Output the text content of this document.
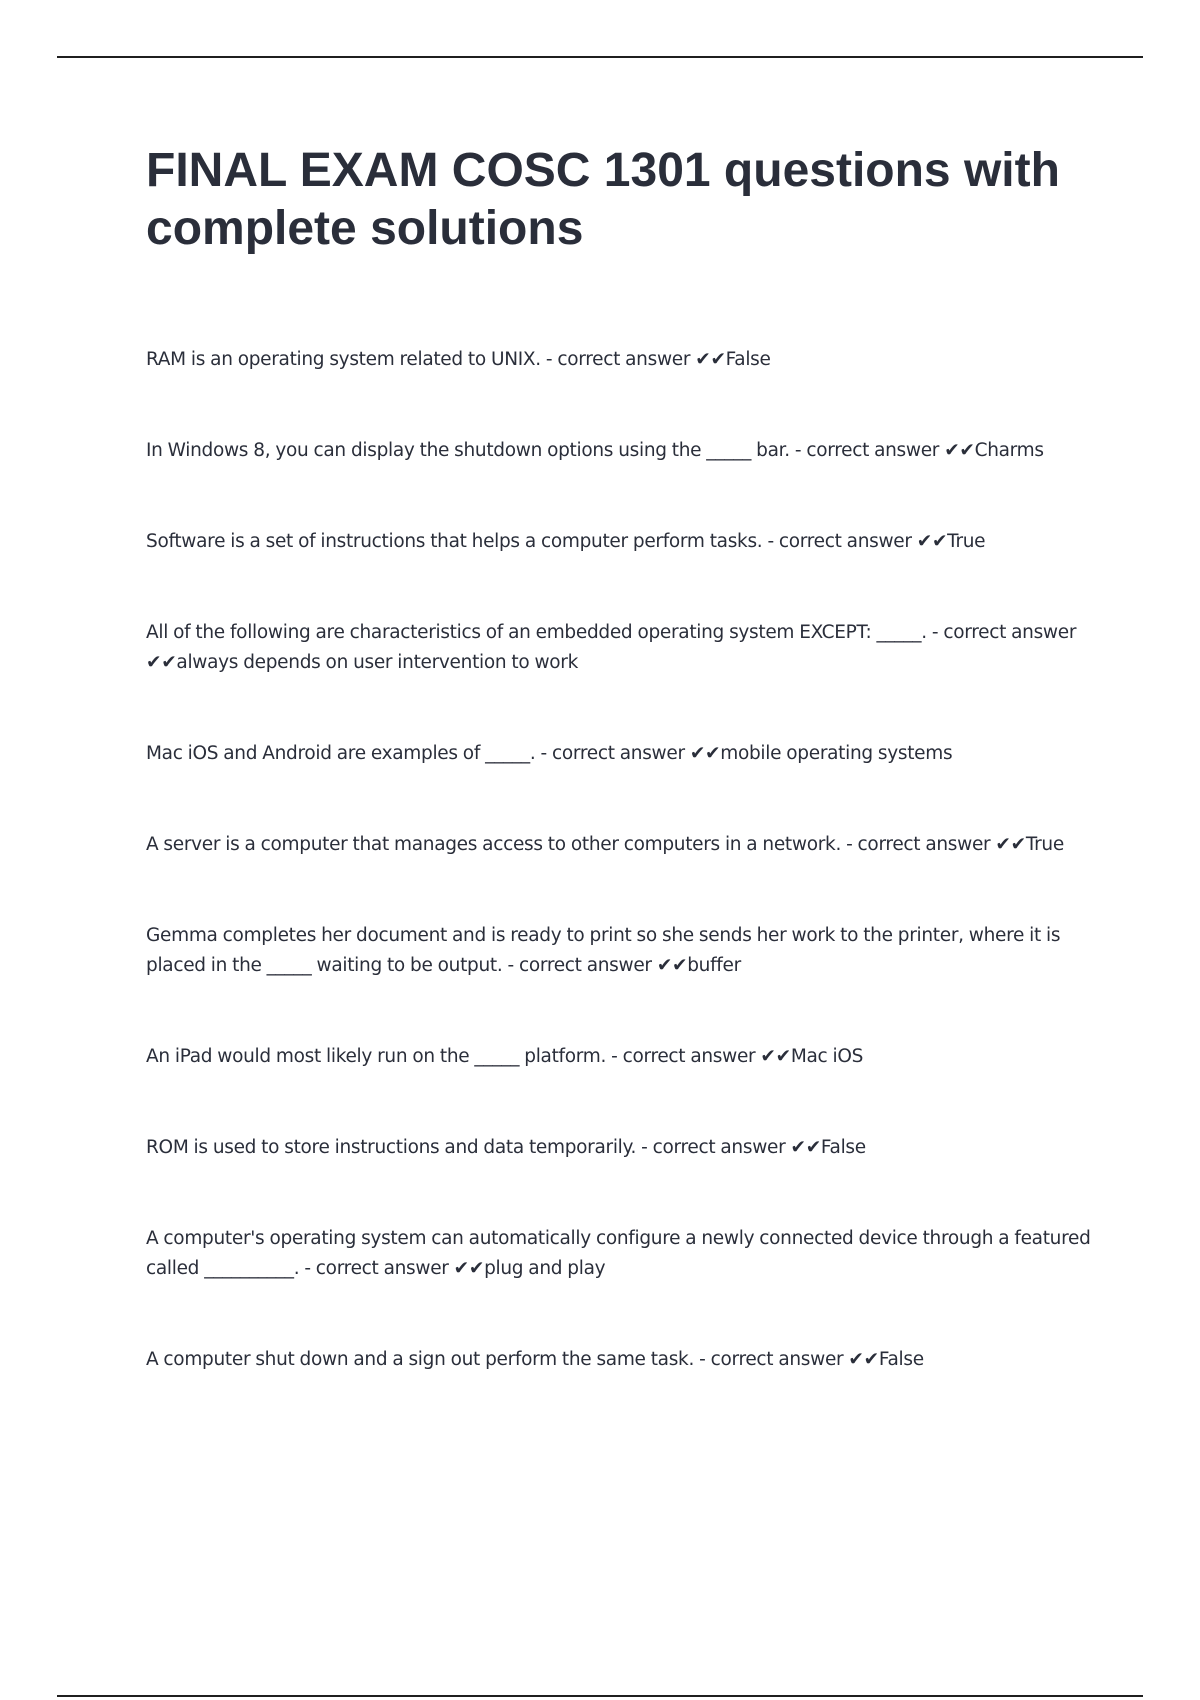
FINAL EXAM COSC 1301 questions with complete solutions
RAM is an operating system related to UNIX. - correct answer ✔✔False
In Windows 8, you can display the shutdown options using the _____ bar. - correct answer ✔✔Charms
Software is a set of instructions that helps a computer perform tasks. - correct answer ✔✔True
All of the following are characteristics of an embedded operating system EXCEPT: _____. - correct answer ✔✔always depends on user intervention to work
Mac iOS and Android are examples of _____. - correct answer ✔✔mobile operating systems
A server is a computer that manages access to other computers in a network. - correct answer ✔✔True
Gemma completes her document and is ready to print so she sends her work to the printer, where it is placed in the _____ waiting to be output. - correct answer ✔✔buffer
An iPad would most likely run on the _____ platform. - correct answer ✔✔Mac iOS
ROM is used to store instructions and data temporarily. - correct answer ✔✔False
A computer's operating system can automatically configure a newly connected device through a featured called __________. - correct answer ✔✔plug and play
A computer shut down and a sign out perform the same task. - correct answer ✔✔False
